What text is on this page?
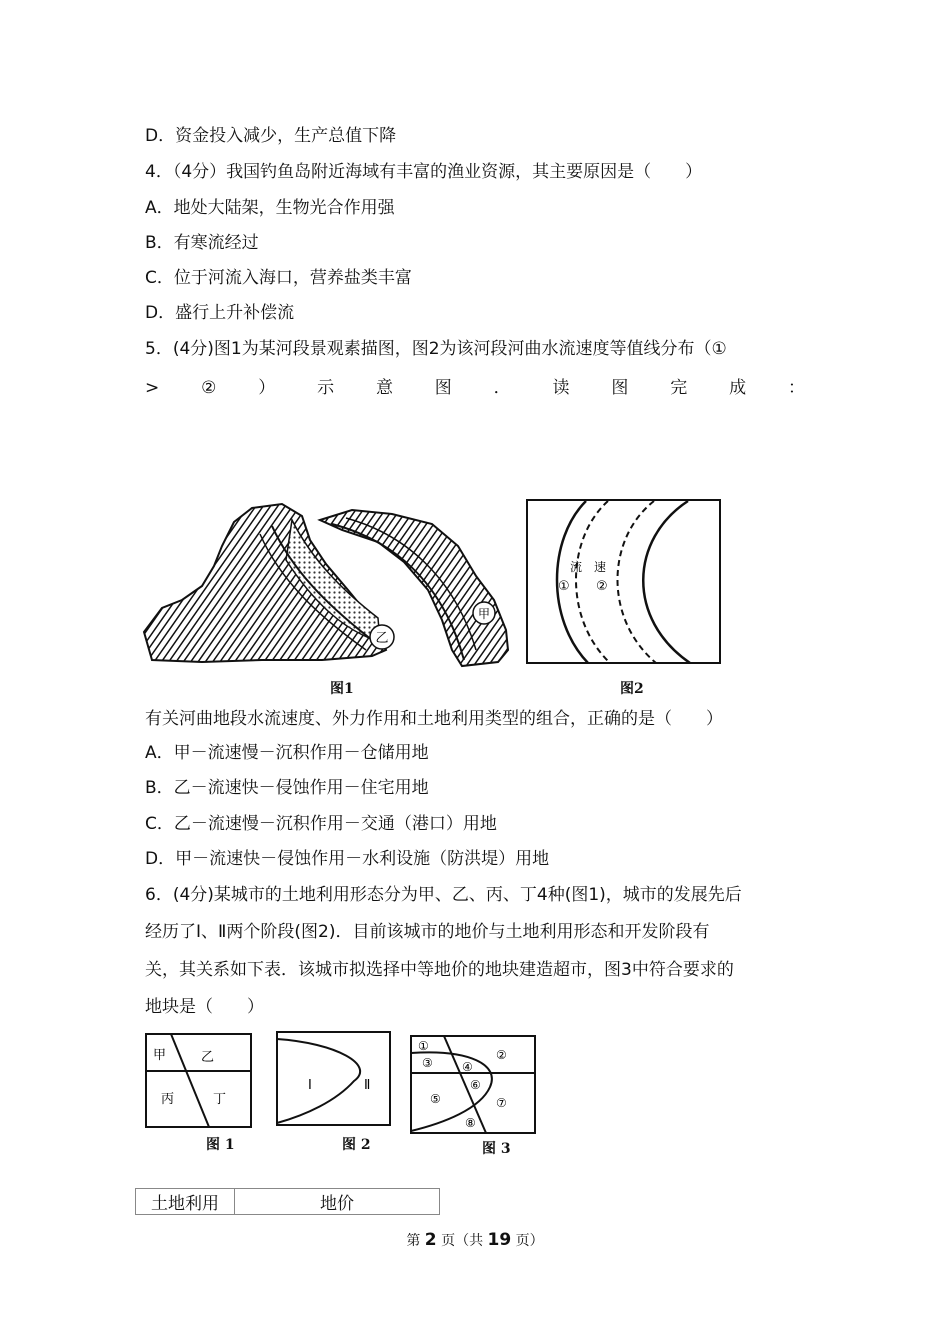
D．资金投入减少，生产总值下降
4．（4分）我国钓鱼岛附近海域有丰富的渔业资源，其主要原因是（　　）
A．地处大陆架，生物光合作用强
B．有寒流经过
C．位于河流入海口，营养盐类丰富
D．盛行上升补偿流
5．(4分)图1为某河段景观素描图，图2为该河段河曲水流速度等值线分布（①
> ② ） 示 意 图 ． 读 图 完 成 ：
乙
甲
流 速
① ②
图1	图2
有关河曲地段水流速度、外力作用和土地利用类型的组合，正确的是（　　）
A．甲－流速慢－沉积作用－仓储用地
B．乙－流速快－侵蚀作用－住宅用地
C．乙－流速慢－沉积作用－交通（港口）用地
D．甲－流速快－侵蚀作用－水利设施（防洪堤）用地
6．(4分)某城市的土地利用形态分为甲、乙、丙、丁4种(图1)，城市的发展先后
经历了Ⅰ、Ⅱ两个阶段(图2)．目前该城市的地价与土地利用形态和开发阶段有
关，其关系如下表．该城市拟选择中等地价的地块建造超市，图3中符合要求的
地块是（　　）
甲	乙
丙	丁
Ⅰ	Ⅱ
①
②
③ ④
⑤
⑥
⑦
⑧
图 1	图 2	图 3
土地利用	地价
第 2 页（共 19 页）
